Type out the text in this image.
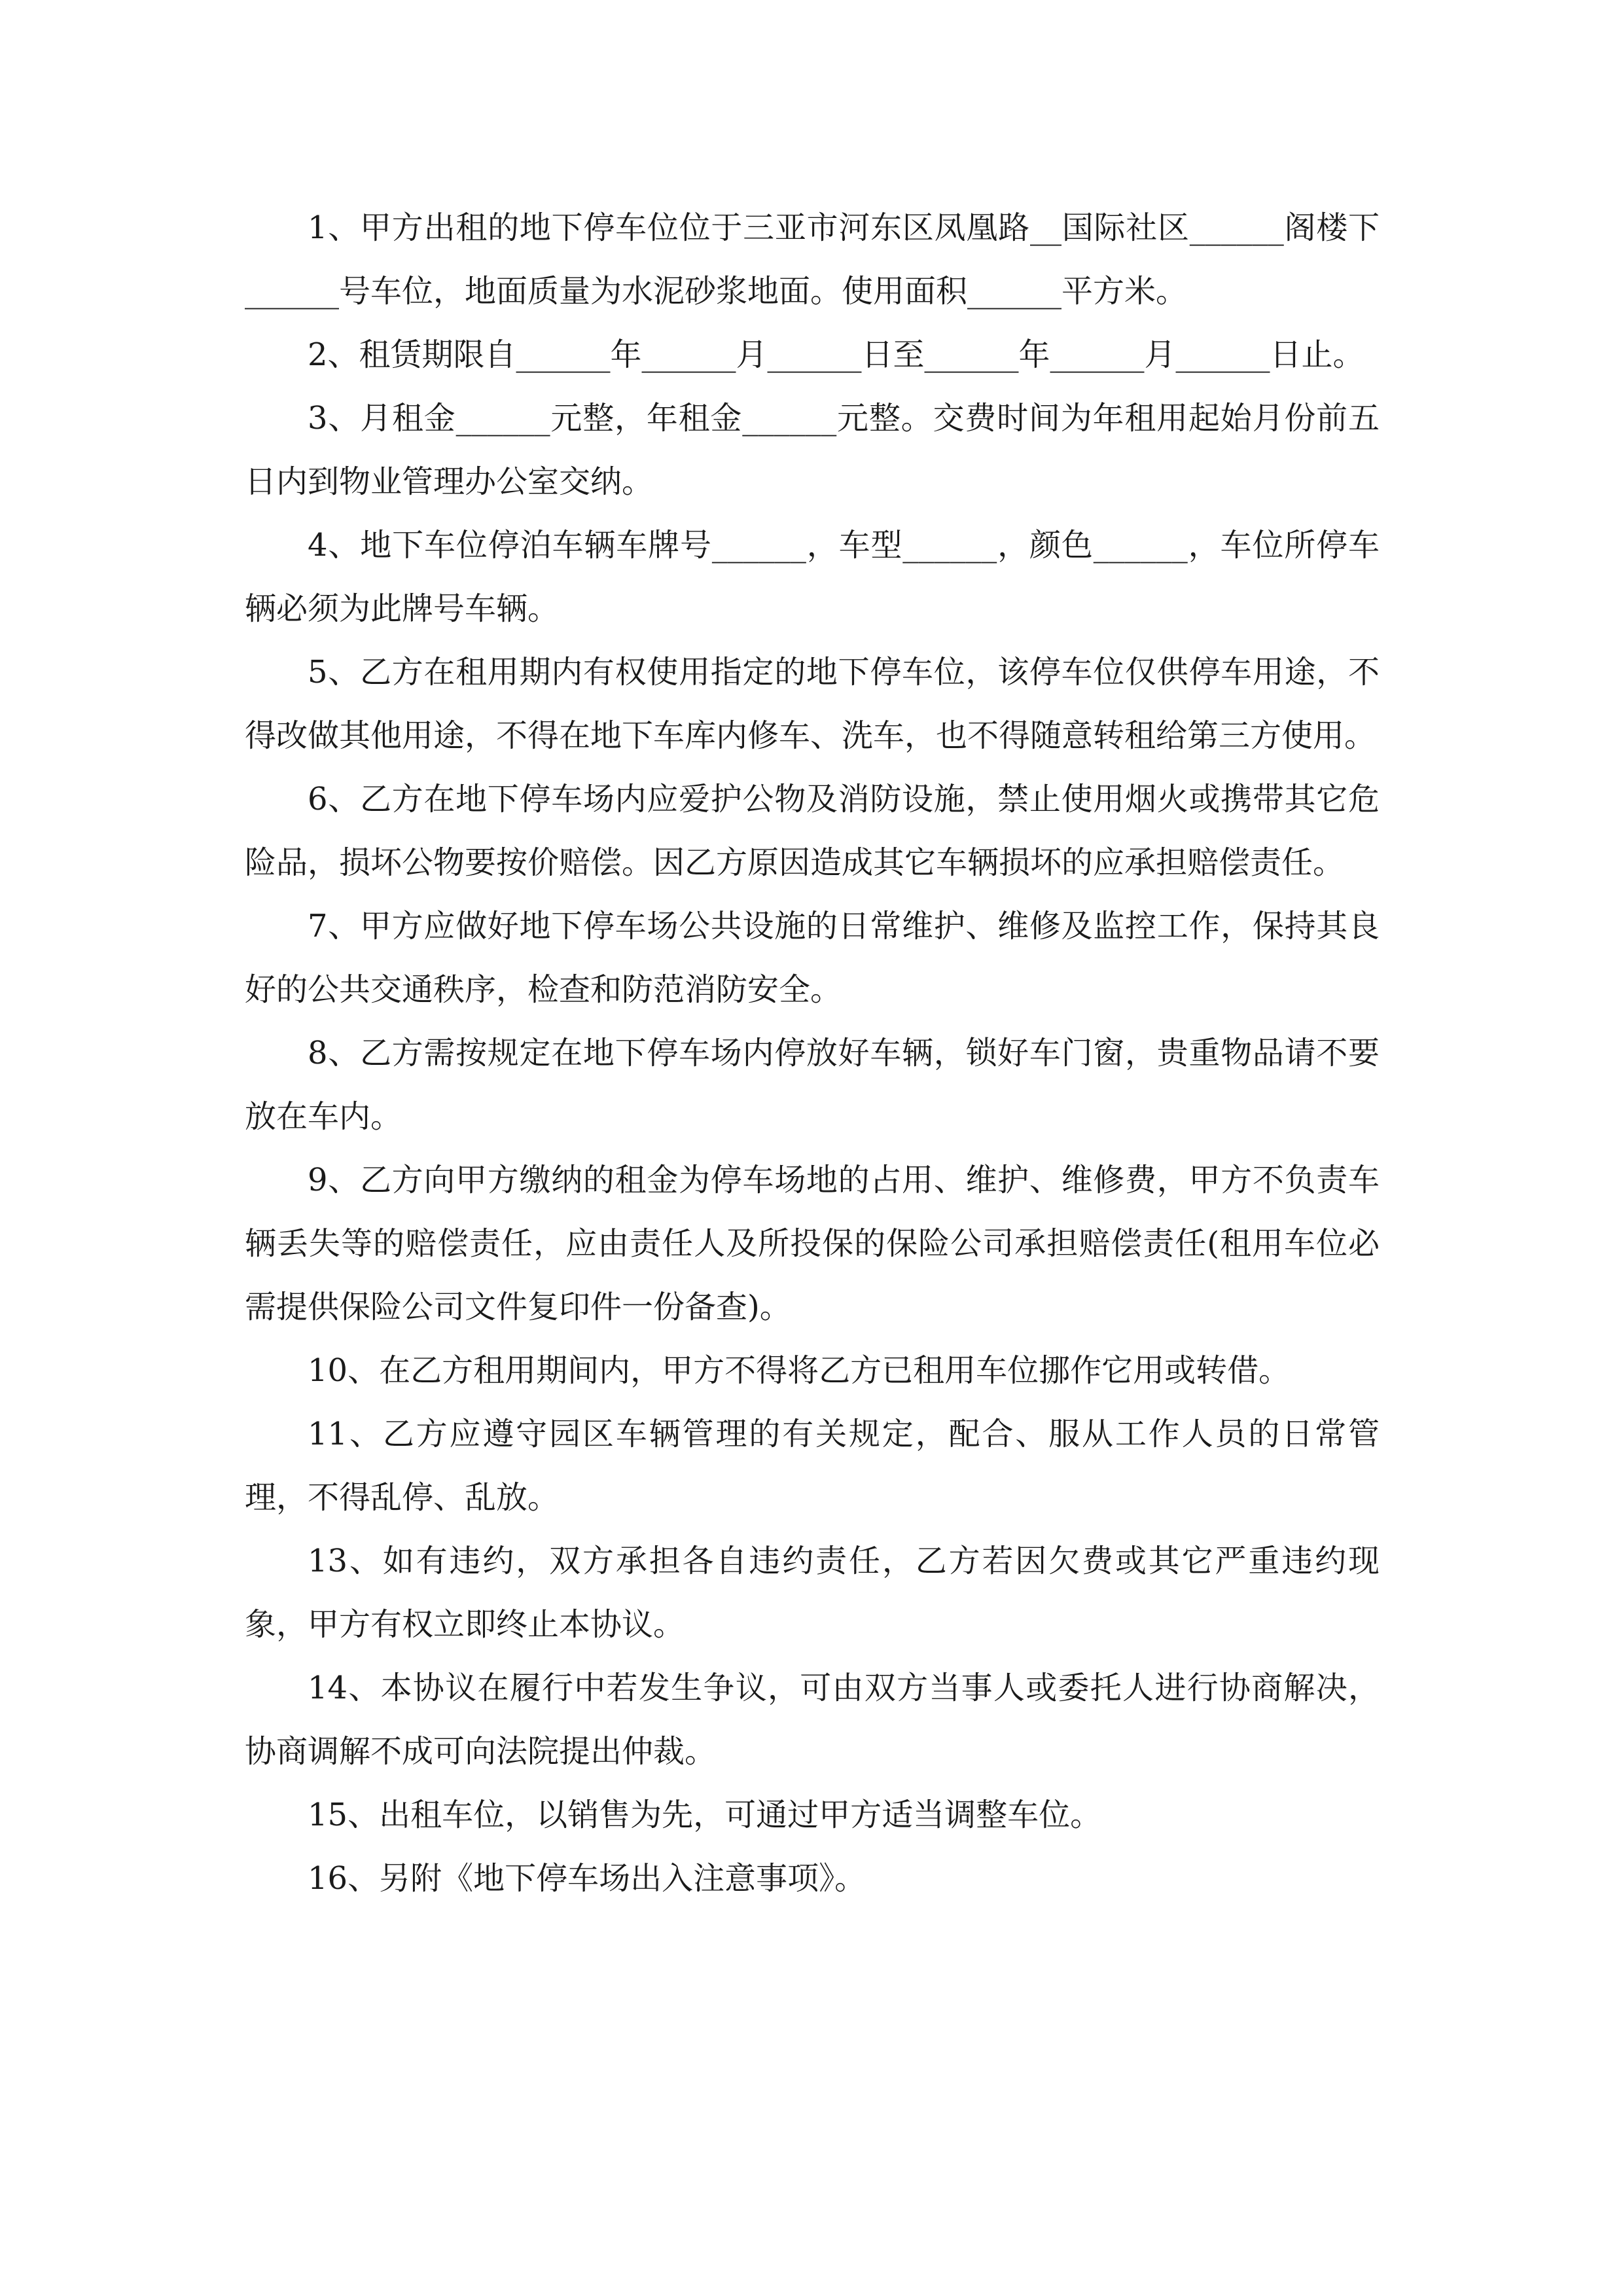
1、甲方出租的地下停车位位于三亚市河东区凤凰路__国际社区______阁楼下______号车位，地面质量为水泥砂浆地面。使用面积______平方米。

2、租赁期限自______年______月______日至______年______月______日止。

3、月租金______元整，年租金______元整。交费时间为年租用起始月份前五日内到物业管理办公室交纳。

4、地下车位停泊车辆车牌号______，车型______，颜色______，车位所停车辆必须为此牌号车辆。

5、乙方在租用期内有权使用指定的地下停车位，该停车位仅供停车用途，不得改做其他用途，不得在地下车库内修车、洗车，也不得随意转租给第三方使用。

6、乙方在地下停车场内应爱护公物及消防设施，禁止使用烟火或携带其它危险品，损坏公物要按价赔偿。因乙方原因造成其它车辆损坏的应承担赔偿责任。

7、甲方应做好地下停车场公共设施的日常维护、维修及监控工作，保持其良好的公共交通秩序，检查和防范消防安全。

8、乙方需按规定在地下停车场内停放好车辆，锁好车门窗，贵重物品请不要放在车内。

9、乙方向甲方缴纳的租金为停车场地的占用、维护、维修费，甲方不负责车辆丢失等的赔偿责任，应由责任人及所投保的保险公司承担赔偿责任(租用车位必需提供保险公司文件复印件一份备查)。

10、在乙方租用期间内，甲方不得将乙方已租用车位挪作它用或转借。

11、乙方应遵守园区车辆管理的有关规定，配合、服从工作人员的日常管理，不得乱停、乱放。

13、如有违约，双方承担各自违约责任，乙方若因欠费或其它严重违约现象，甲方有权立即终止本协议。

14、本协议在履行中若发生争议，可由双方当事人或委托人进行协商解决，协商调解不成可向法院提出仲裁。

15、出租车位，以销售为先，可通过甲方适当调整车位。

16、另附《地下停车场出入注意事项》。
